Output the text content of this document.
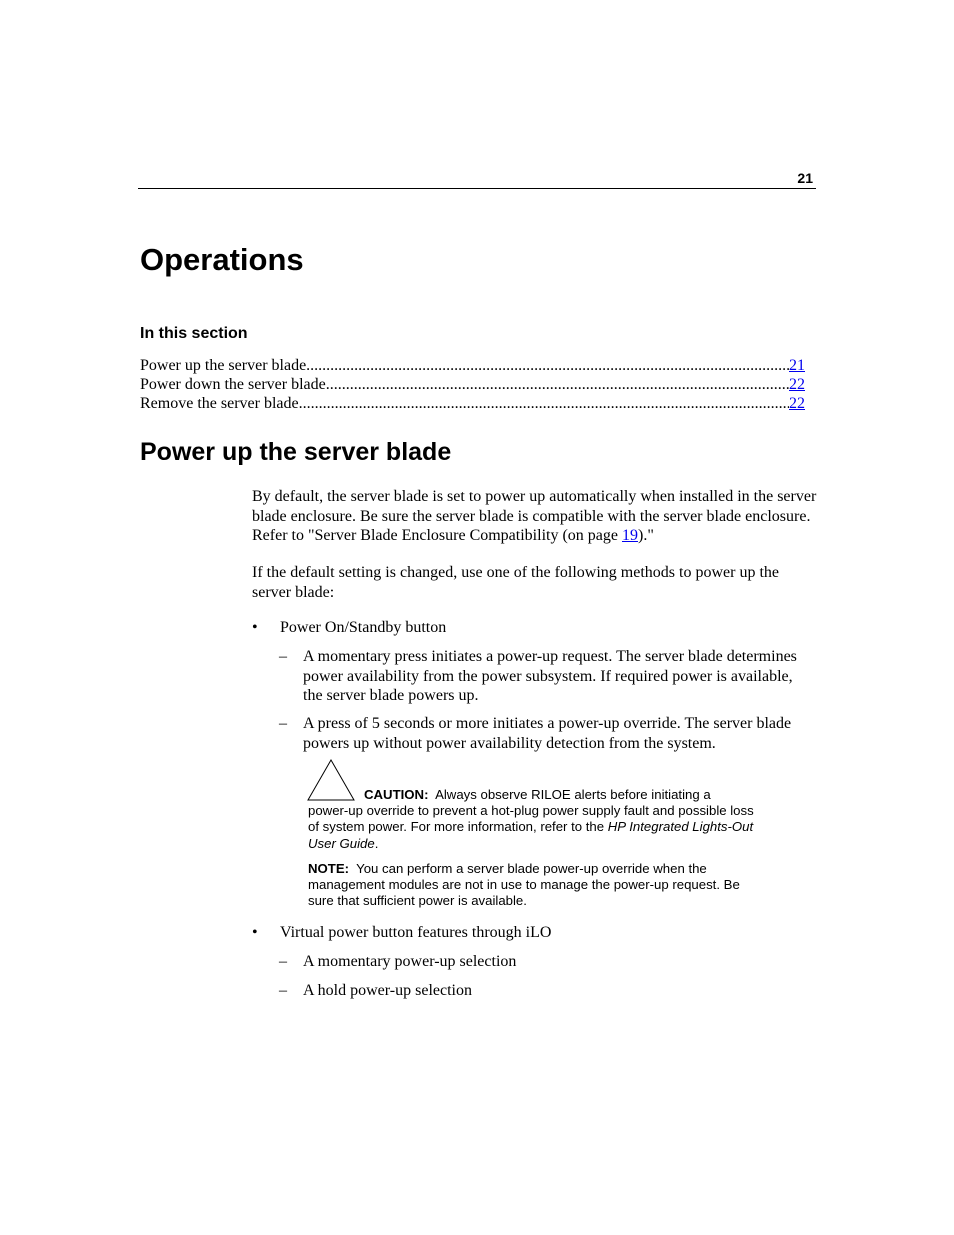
21
Operations
In this section
Power up the server blade .....	21
Power down the server blade .....	22
Remove the server blade .....	22
Power up the server blade

By default, the server blade is set to power up automatically when installed in the server blade enclosure. Be sure the server blade is compatible with the server blade enclosure. Refer to "Server Blade Enclosure Compatibility (on page 19)."

If the default setting is changed, use one of the following methods to power up the server blade:

• Power On/Standby button
– A momentary press initiates a power-up request. The server blade determines power availability from the power subsystem. If required power is available, the server blade powers up.
– A press of 5 seconds or more initiates a power-up override. The server blade powers up without power availability detection from the system.
CAUTION: Always observe RILOE alerts before initiating a
power-up override to prevent a hot-plug power supply fault and possible loss of system power. For more information, refer to the HP Integrated Lights-Out User Guide.
NOTE: You can perform a server blade power-up override when the management modules are not in use to manage the power-up request. Be sure that sufficient power is available.
• Virtual power button features through iLO
– A momentary power-up selection
– A hold power-up selection
